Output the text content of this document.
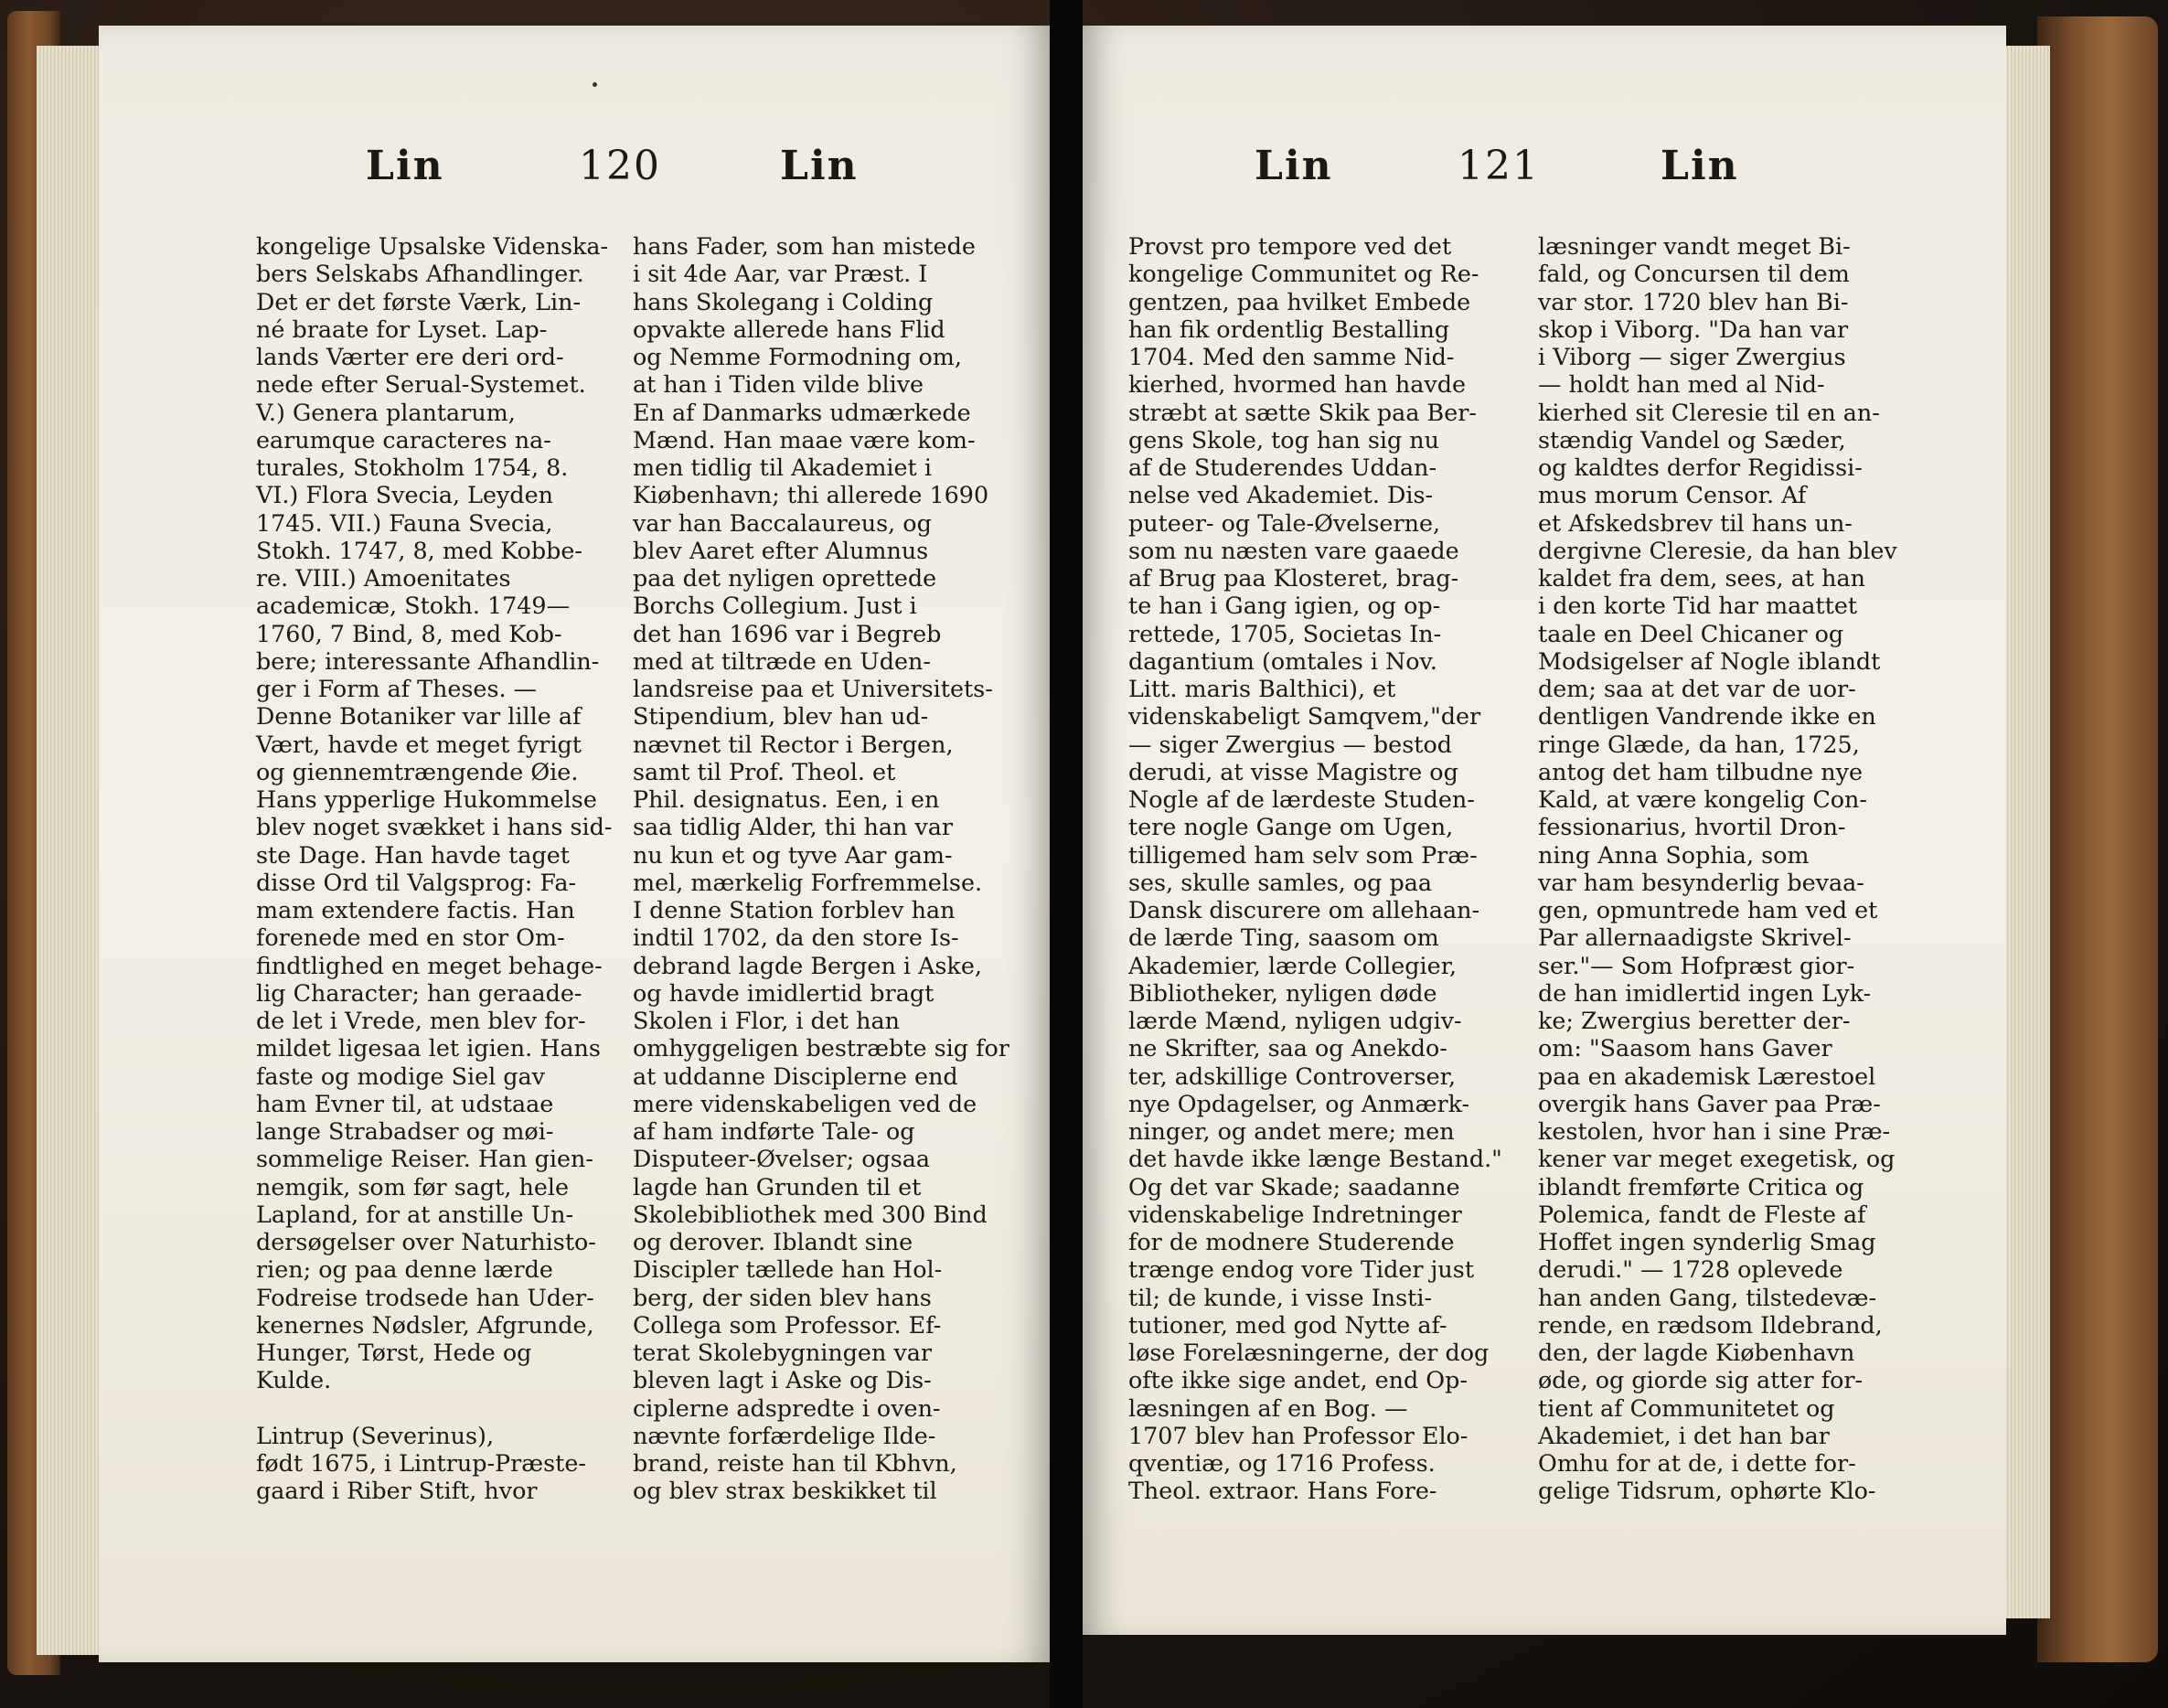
Lin	120	Lin
kongelige Upsalske Videnska-
bers Selskabs Afhandlinger.
Det er det første Værk, Lin-
né braate for Lyset. Lap-
lands Værter ere deri ord-
nede efter Serual-Systemet.
V.) Genera plantarum,
earumque caracteres na-
turales, Stokholm 1754, 8.
VI.) Flora Svecia, Leyden
1745. VII.) Fauna Svecia,
Stokh. 1747, 8, med Kobbe-
re. VIII.) Amoenitates
academicæ, Stokh. 1749—
1760, 7 Bind, 8, med Kob-
bere; interessante Afhandlin-
ger i Form af Theses. —
Denne Botaniker var lille af
Vært, havde et meget fyrigt
og giennemtrængende Øie.
Hans ypperlige Hukommelse
blev noget svækket i hans sid-
ste Dage. Han havde taget
disse Ord til Valgsprog: Fa-
mam extendere factis. Han
forenede med en stor Om-
findtlighed en meget behage-
lig Character; han geraade-
de let i Vrede, men blev for-
mildet ligesaa let igien. Hans
faste og modige Siel gav
ham Evner til, at udstaae
lange Strabadser og møi-
sommelige Reiser. Han gien-
nemgik, som før sagt, hele
Lapland, for at anstille Un-
dersøgelser over Naturhisto-
rien; og paa denne lærde
Fodreise trodsede han Uder-
kenernes Nødsler, Afgrunde,
Hunger, Tørst, Hede og
Kulde.
Lintrup (Severinus),
født 1675, i Lintrup-Præste-
gaard i Riber Stift, hvor
hans Fader, som han mistede
i sit 4de Aar, var Præst. I
hans Skolegang i Colding
opvakte allerede hans Flid
og Nemme Formodning om,
at han i Tiden vilde blive
En af Danmarks udmærkede
Mænd. Han maae være kom-
men tidlig til Akademiet i
Kiøbenhavn; thi allerede 1690
var han Baccalaureus, og
blev Aaret efter Alumnus
paa det nyligen oprettede
Borchs Collegium. Just i
det han 1696 var i Begreb
med at tiltræde en Uden-
landsreise paa et Universitets-
Stipendium, blev han ud-
nævnet til Rector i Bergen,
samt til Prof. Theol. et
Phil. designatus. Een, i en
saa tidlig Alder, thi han var
nu kun et og tyve Aar gam-
mel, mærkelig Forfremmelse.
I denne Station forblev han
indtil 1702, da den store Is-
debrand lagde Bergen i Aske,
og havde imidlertid bragt
Skolen i Flor, i det han
omhyggeligen bestræbte sig for
at uddanne Disciplerne end
mere videnskabeligen ved de
af ham indførte Tale- og
Disputeer-Øvelser; ogsaa
lagde han Grunden til et
Skolebibliothek med 300 Bind
og derover. Iblandt sine
Discipler tællede han Hol-
berg, der siden blev hans
Collega som Professor. Ef-
terat Skolebygningen var
bleven lagt i Aske og Dis-
ciplerne adspredte i oven-
nævnte forfærdelige Ilde-
brand, reiste han til Kbhvn,
og blev strax beskikket til
Lin	121	Lin
Provst pro tempore ved det
kongelige Communitet og Re-
gentzen, paa hvilket Embede
han fik ordentlig Bestalling
1704. Med den samme Nid-
kierhed, hvormed han havde
stræbt at sætte Skik paa Ber-
gens Skole, tog han sig nu
af de Studerendes Uddan-
nelse ved Akademiet. Dis-
puteer- og Tale-Øvelserne,
som nu næsten vare gaaede
af Brug paa Klosteret, brag-
te han i Gang igien, og op-
rettede, 1705, Societas In-
dagantium (omtales i Nov.
Litt. maris Balthici), et
videnskabeligt Samqvem,"der
— siger Zwergius — bestod
derudi, at visse Magistre og
Nogle af de lærdeste Studen-
tere nogle Gange om Ugen,
tilligemed ham selv som Præ-
ses, skulle samles, og paa
Dansk discurere om allehaan-
de lærde Ting, saasom om
Akademier, lærde Collegier,
Bibliotheker, nyligen døde
lærde Mænd, nyligen udgiv-
ne Skrifter, saa og Anekdo-
ter, adskillige Controverser,
nye Opdagelser, og Anmærk-
ninger, og andet mere; men
det havde ikke længe Bestand."
Og det var Skade; saadanne
videnskabelige Indretninger
for de modnere Studerende
trænge endog vore Tider just
til; de kunde, i visse Insti-
tutioner, med god Nytte af-
løse Forelæsningerne, der dog
ofte ikke sige andet, end Op-
læsningen af en Bog. —
1707 blev han Professor Elo-
qventiæ, og 1716 Profess.
Theol. extraor. Hans Fore-
læsninger vandt meget Bi-
fald, og Concursen til dem
var stor. 1720 blev han Bi-
skop i Viborg. "Da han var
i Viborg — siger Zwergius
— holdt han med al Nid-
kierhed sit Cleresie til en an-
stændig Vandel og Sæder,
og kaldtes derfor Regidissi-
mus morum Censor. Af
et Afskedsbrev til hans un-
dergivne Cleresie, da han blev
kaldet fra dem, sees, at han
i den korte Tid har maattet
taale en Deel Chicaner og
Modsigelser af Nogle iblandt
dem; saa at det var de uor-
dentligen Vandrende ikke en
ringe Glæde, da han, 1725,
antog det ham tilbudne nye
Kald, at være kongelig Con-
fessionarius, hvortil Dron-
ning Anna Sophia, som
var ham besynderlig bevaa-
gen, opmuntrede ham ved et
Par allernaadigste Skrivel-
ser."— Som Hofpræst gior-
de han imidlertid ingen Lyk-
ke; Zwergius beretter der-
om: "Saasom hans Gaver
paa en akademisk Lærestoel
overgik hans Gaver paa Præ-
kestolen, hvor han i sine Præ-
kener var meget exegetisk, og
iblandt fremførte Critica og
Polemica, fandt de Fleste af
Hoffet ingen synderlig Smag
derudi." — 1728 oplevede
han anden Gang, tilstedevæ-
rende, en rædsom Ildebrand,
den, der lagde Kiøbenhavn
øde, og giorde sig atter for-
tient af Communitetet og
Akademiet, i det han bar
Omhu for at de, i dette for-
gelige Tidsrum, ophørte Klo-
